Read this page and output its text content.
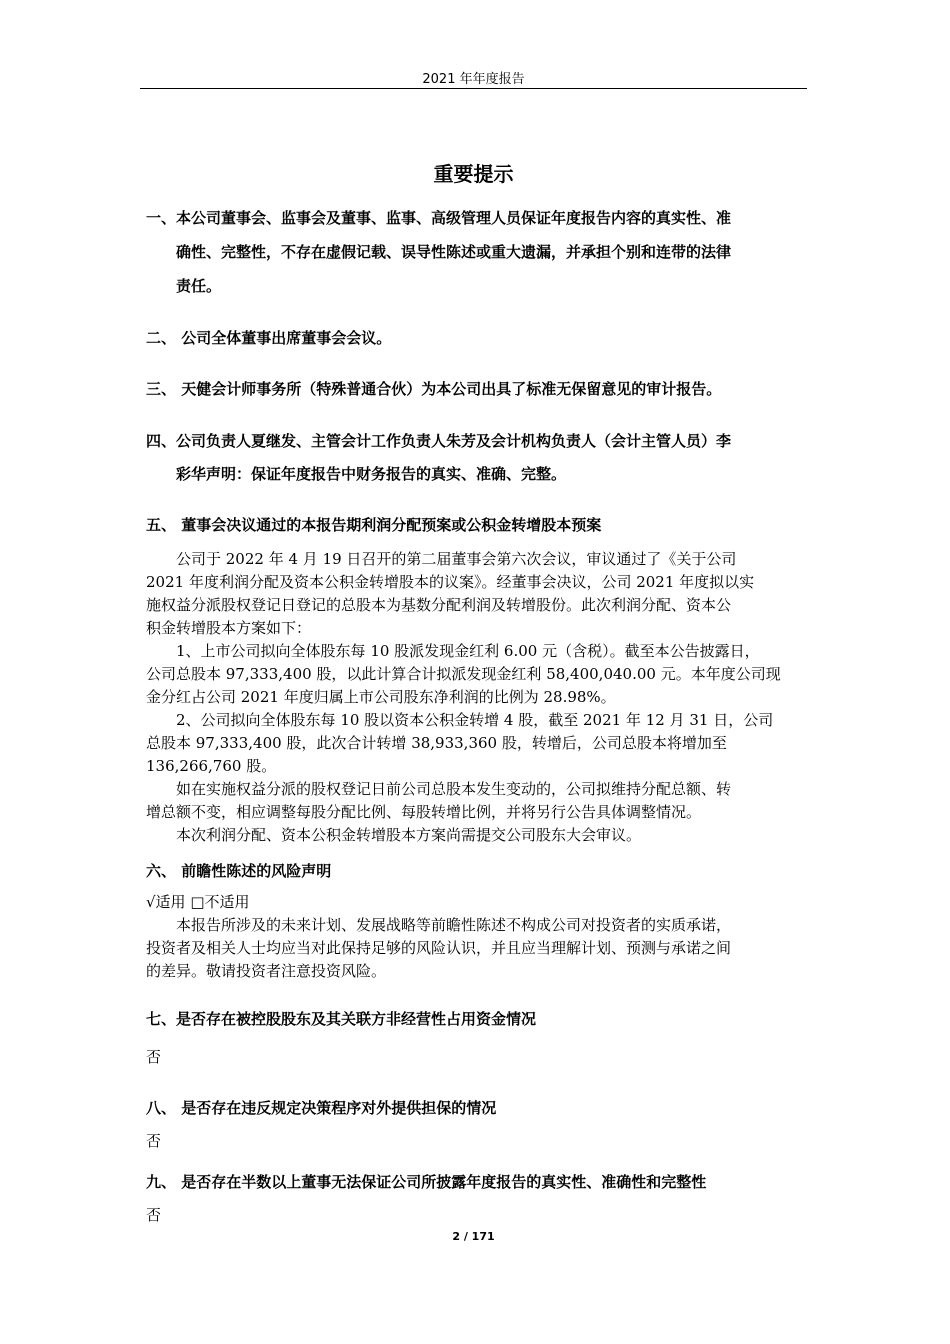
2021 年年度报告
重要提示
一、本公司董事会、监事会及董事、监事、高级管理人员保证年度报告内容的真实性、准
确性、完整性，不存在虚假记载、误导性陈述或重大遗漏，并承担个别和连带的法律
责任。
二、 公司全体董事出席董事会会议。
三、 天健会计师事务所（特殊普通合伙）为本公司出具了标准无保留意见的审计报告。
四、公司负责人夏继发、主管会计工作负责人朱芳及会计机构负责人（会计主管人员）李
彩华声明：保证年度报告中财务报告的真实、准确、完整。
五、 董事会决议通过的本报告期利润分配预案或公积金转增股本预案
公司于 2022 年 4 月 19 日召开的第二届董事会第六次会议，审议通过了《关于公司
2021 年度利润分配及资本公积金转增股本的议案》。经董事会决议，公司 2021 年度拟以实
施权益分派股权登记日登记的总股本为基数分配利润及转增股份。此次利润分配、资本公
积金转增股本方案如下：
1、上市公司拟向全体股东每 10 股派发现金红利 6.00 元（含税）。截至本公告披露日，
公司总股本 97,333,400 股，以此计算合计拟派发现金红利 58,400,040.00 元。本年度公司现
金分红占公司 2021 年度归属上市公司股东净利润的比例为 28.98%。
2、公司拟向全体股东每 10 股以资本公积金转增 4 股，截至 2021 年 12 月 31 日，公司
总股本 97,333,400 股，此次合计转增 38,933,360 股，转增后，公司总股本将增加至
136,266,760 股。
如在实施权益分派的股权登记日前公司总股本发生变动的，公司拟维持分配总额、转
增总额不变，相应调整每股分配比例、每股转增比例，并将另行公告具体调整情况。
本次利润分配、资本公积金转增股本方案尚需提交公司股东大会审议。
六、 前瞻性陈述的风险声明
√适用 □不适用
本报告所涉及的未来计划、发展战略等前瞻性陈述不构成公司对投资者的实质承诺，
投资者及相关人士均应当对此保持足够的风险认识，并且应当理解计划、预测与承诺之间
的差异。敬请投资者注意投资风险。
七、是否存在被控股股东及其关联方非经营性占用资金情况
否
八、 是否存在违反规定决策程序对外提供担保的情况
否
九、 是否存在半数以上董事无法保证公司所披露年度报告的真实性、准确性和完整性
否
2 / 171
